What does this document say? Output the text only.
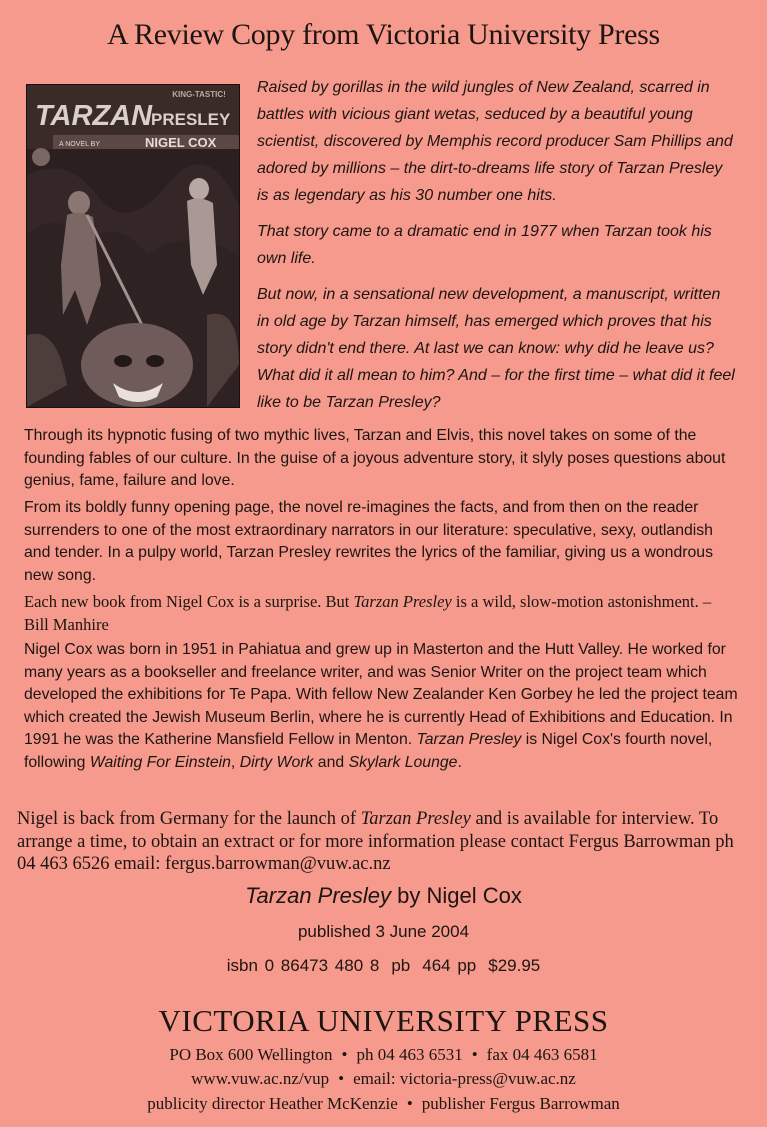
A Review Copy from Victoria University Press
KING-TASTIC!
TARZAN
PRESLEY
A NOVEL BY	NIGEL COX

Raised by gorillas in the wild jungles of New Zealand, scarred in battles with vicious giant wetas, seduced by a beautiful young scientist, discovered by Memphis record producer Sam Phillips and adored by millions – the dirt-to-dreams life story of Tarzan Presley is as legendary as his 30 number one hits.

That story came to a dramatic end in 1977 when Tarzan took his own life.

But now, in a sensational new development, a manuscript, written in old age by Tarzan himself, has emerged which proves that his story didn't end there. At last we can know: why did he leave us? What did it all mean to him? And – for the first time – what did it feel like to be Tarzan Presley?

Through its hypnotic fusing of two mythic lives, Tarzan and Elvis, this novel takes on some of the founding fables of our culture. In the guise of a joyous adventure story, it slyly poses questions about genius, fame, failure and love.

From its boldly funny opening page, the novel re-imagines the facts, and from then on the reader surrenders to one of the most extraordinary narrators in our literature: speculative, sexy, outlandish and tender. In a pulpy world, Tarzan Presley rewrites the lyrics of the familiar, giving us a wondrous new song.

Each new book from Nigel Cox is a surprise. But Tarzan Presley is a wild, slow-motion astonishment. – Bill Manhire

Nigel Cox was born in 1951 in Pahiatua and grew up in Masterton and the Hutt Valley. He worked for many years as a bookseller and freelance writer, and was Senior Writer on the project team which developed the exhibitions for Te Papa. With fellow New Zealander Ken Gorbey he led the project team which created the Jewish Museum Berlin, where he is currently Head of Exhibitions and Education. In 1991 he was the Katherine Mansfield Fellow in Menton. Tarzan Presley is Nigel Cox's fourth novel, following Waiting For Einstein, Dirty Work and Skylark Lounge.

Nigel is back from Germany for the launch of Tarzan Presley and is available for interview. To arrange a time, to obtain an extract or for more information please contact Fergus Barrowman ph 04 463 6526 email: fergus.barrowman@vuw.ac.nz

Tarzan Presley by Nigel Cox
published 3 June 2004
isbn 0 86473 480 8 pb 464 pp $29.95
VICTORIA UNIVERSITY PRESS
PO Box 600 Wellington • ph 04 463 6531 • fax 04 463 6581
www.vuw.ac.nz/vup • email: victoria-press@vuw.ac.nz
publicity director Heather McKenzie • publisher Fergus Barrowman
